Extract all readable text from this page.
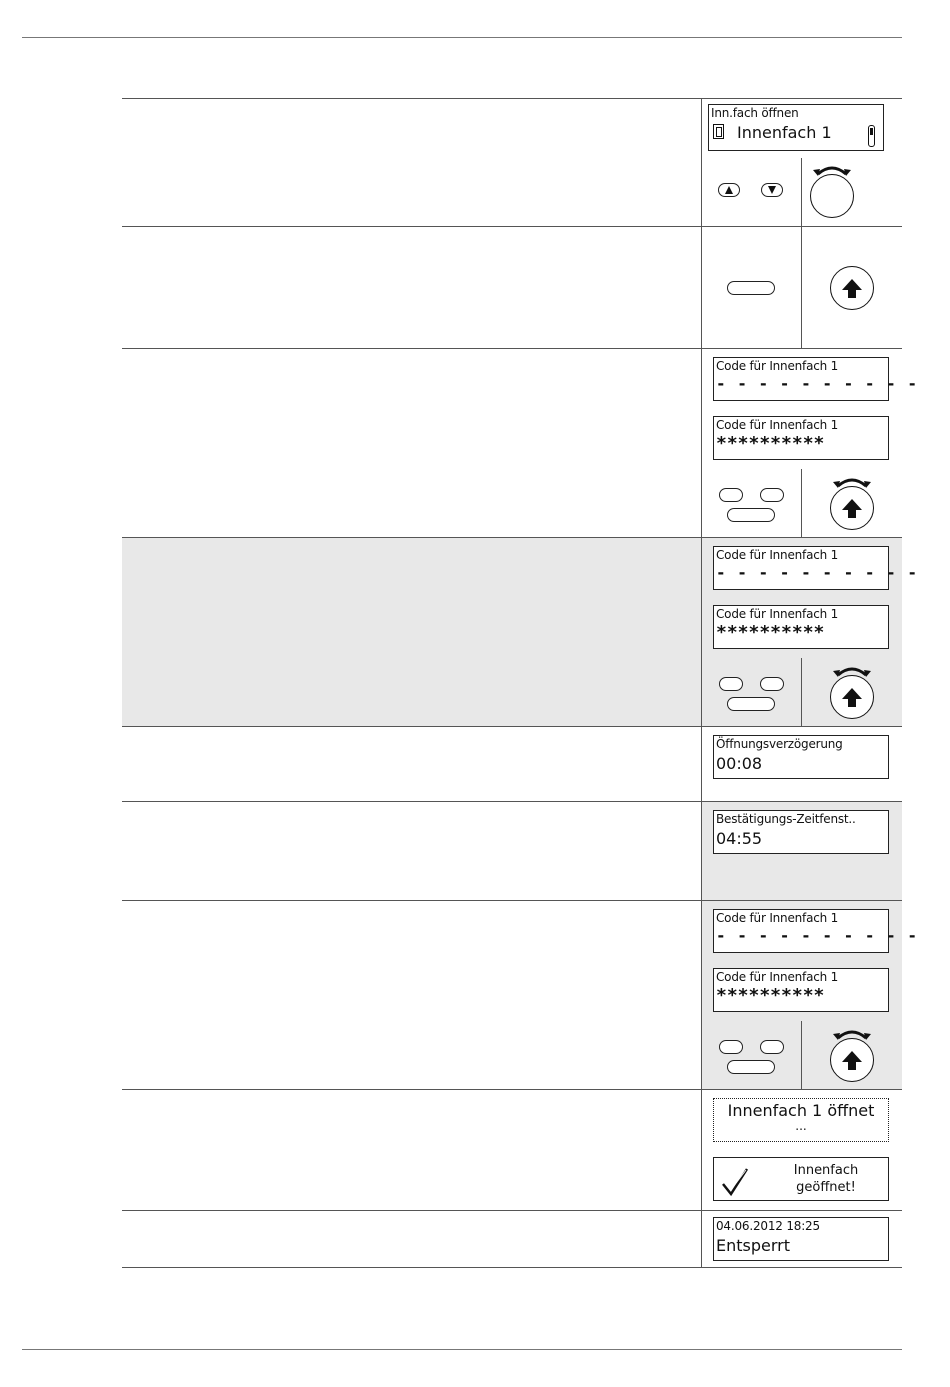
Inn.fach öffnen
Innenfach 1
Code für Innenfach 1
- - - - - - - - - -
Code für Innenfach 1
**********
Code für Innenfach 1
- - - - - - - - - -
Code für Innenfach 1
**********
Öffnungsverzögerung
00:08
Bestätigungs-Zeitfenst..
04:55
Code für Innenfach 1
- - - - - - - - - -
Code für Innenfach 1
**********
Innenfach 1 öffnet
...
Innenfach
geöffnet!
04.06.2012 18:25
Entsperrt
